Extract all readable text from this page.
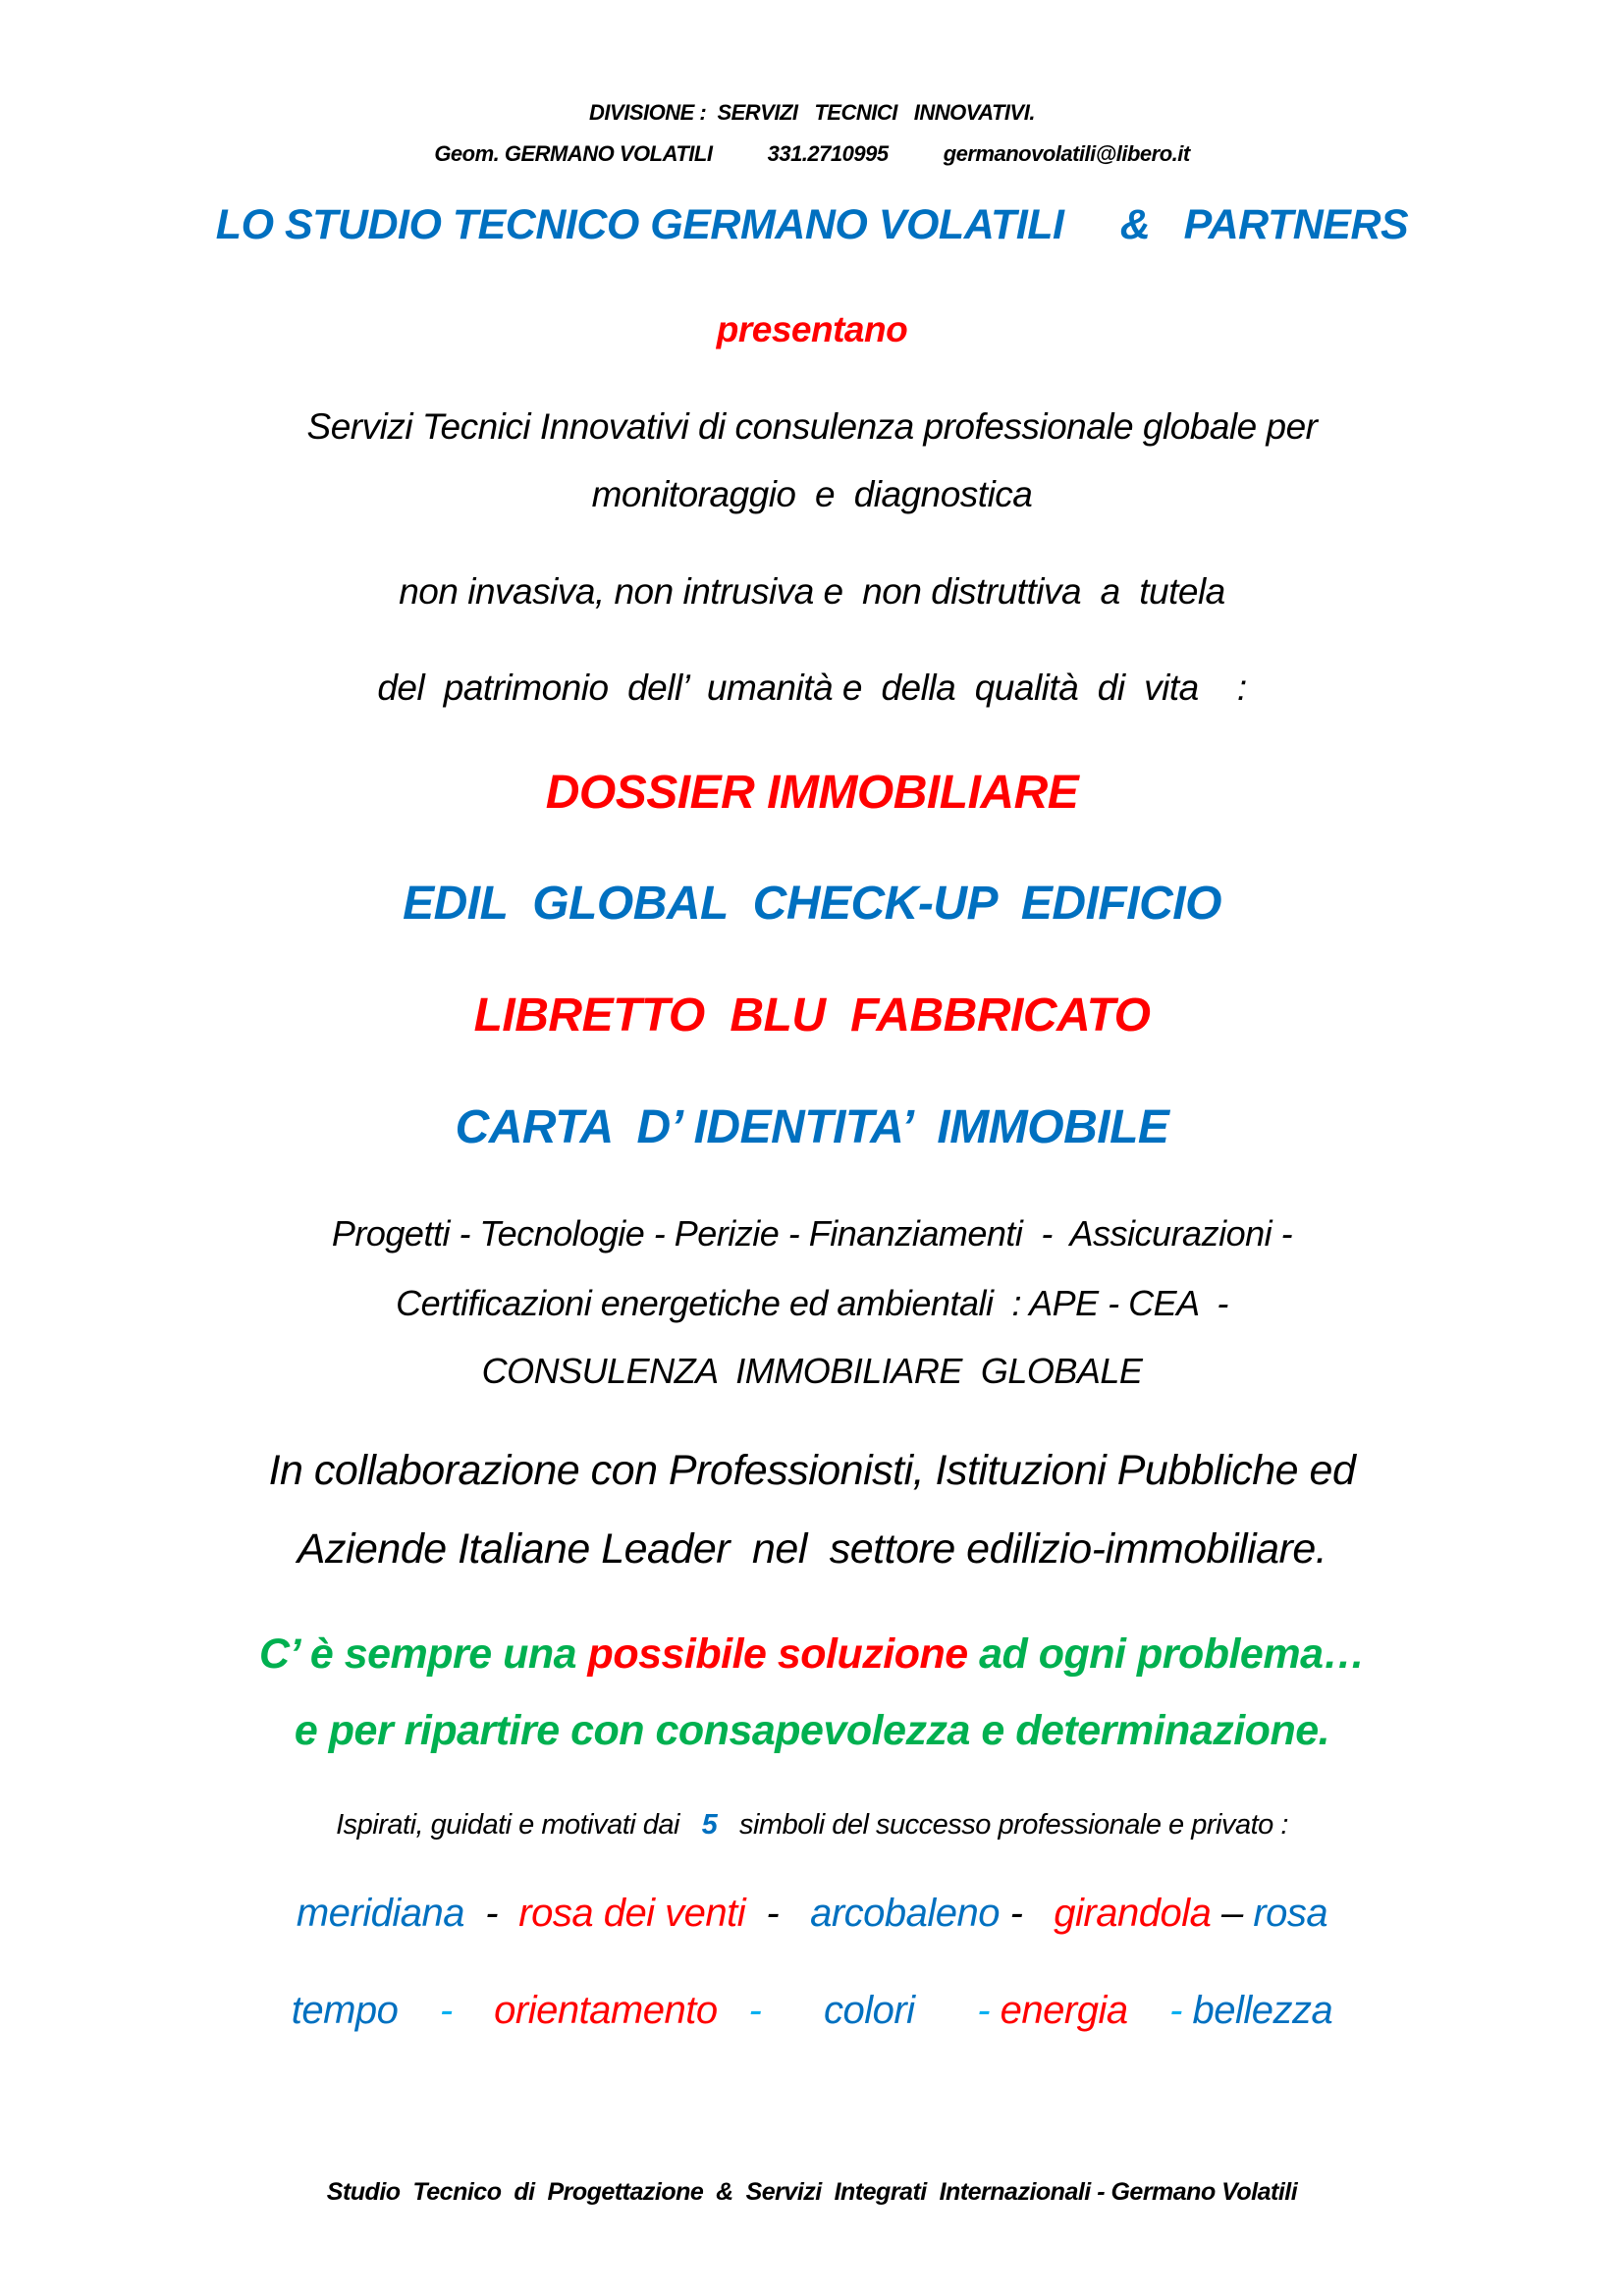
DIVISIONE :  SERVIZI   TECNICI   INNOVATIVI.
Geom. GERMANO VOLATILI	331.2710995	germanovolatili@libero.it
LO STUDIO TECNICO GERMANO VOLATILI & PARTNERS
presentano
Servizi Tecnici Innovativi di consulenza professionale globale per
monitoraggio  e  diagnostica
non invasiva, non intrusiva e  non distruttiva  a  tutela
del  patrimonio  dell’  umanità e  della  qualità  di  vita    :
DOSSIER IMMOBILIARE
EDIL  GLOBAL  CHECK-UP  EDIFICIO
LIBRETTO  BLU  FABBRICATO
CARTA  D’ IDENTITA’  IMMOBILE
Progetti - Tecnologie - Perizie - Finanziamenti  -  Assicurazioni -
Certificazioni energetiche ed ambientali  : APE - CEA  -
CONSULENZA  IMMOBILIARE  GLOBALE
In collaborazione con Professionisti, Istituzioni Pubbliche ed
Aziende Italiane Leader  nel  settore edilizio-immobiliare.
C’ è sempre una possibile soluzione ad ogni problema…
e per ripartire con consapevolezza e determinazione.
Ispirati, guidati e motivati dai 5 simboli del successo professionale e privato :
meridiana  -  rosa dei venti  -   arcobaleno -   girandola – rosa
tempo    -    orientamento   -      colori      - energia    - bellezza
Studio  Tecnico  di  Progettazione  &  Servizi  Integrati  Internazionali - Germano Volatili
